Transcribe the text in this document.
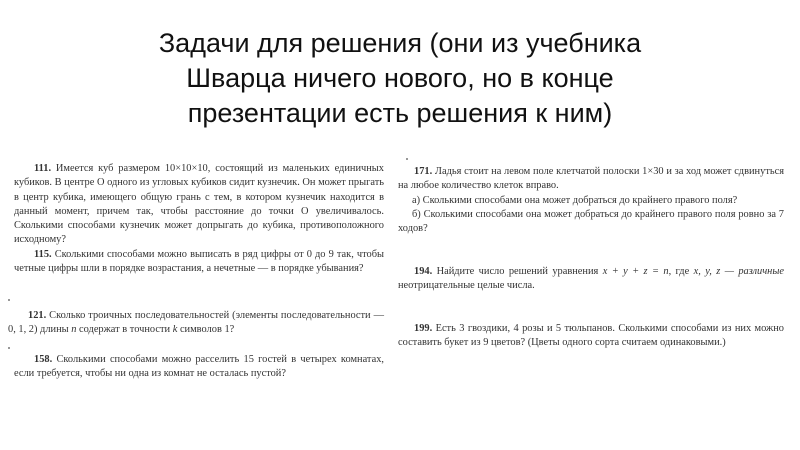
Задачи для решения (они из учебника
Шварца ничего нового, но в конце
презентации есть решения к ним)
111. Имеется куб размером 10×10×10, состоящий из маленьких единичных кубиков. В центре О одного из угловых кубиков сидит кузнечик. Он может прыгать в центр кубика, имеющего общую грань с тем, в котором кузнечик находится в данный момент, причем так, чтобы расстояние до точки О увеличивалось. Сколькими способами кузнечик может допрыгать до кубика, противоположного исходному?
115. Сколькими способами можно выписать в ряд цифры от 0 до 9 так, чтобы четные цифры шли в порядке возрастания, а нечетные — в порядке убывания?
121. Сколько троичных последовательностей (элементы последовательности — 0, 1, 2) длины n содержат в точности k символов 1?
158. Сколькими способами можно расселить 15 гостей в четырех комнатах, если требуется, чтобы ни одна из комнат не осталась пустой?
171. Ладья стоит на левом поле клетчатой полоски 1×30 и за ход может сдвинуться на любое количество клеток вправо.
а) Сколькими способами она может добраться до крайнего правого поля?
б) Сколькими способами она может добраться до крайнего правого поля ровно за 7 ходов?
194. Найдите число решений уравнения x + y + z = n, где x, y, z — различные неотрицательные целые числа.
199. Есть 3 гвоздики, 4 розы и 5 тюльпанов. Сколькими способами из них можно составить букет из 9 цветов? (Цветы одного сорта считаем одинаковыми.)
